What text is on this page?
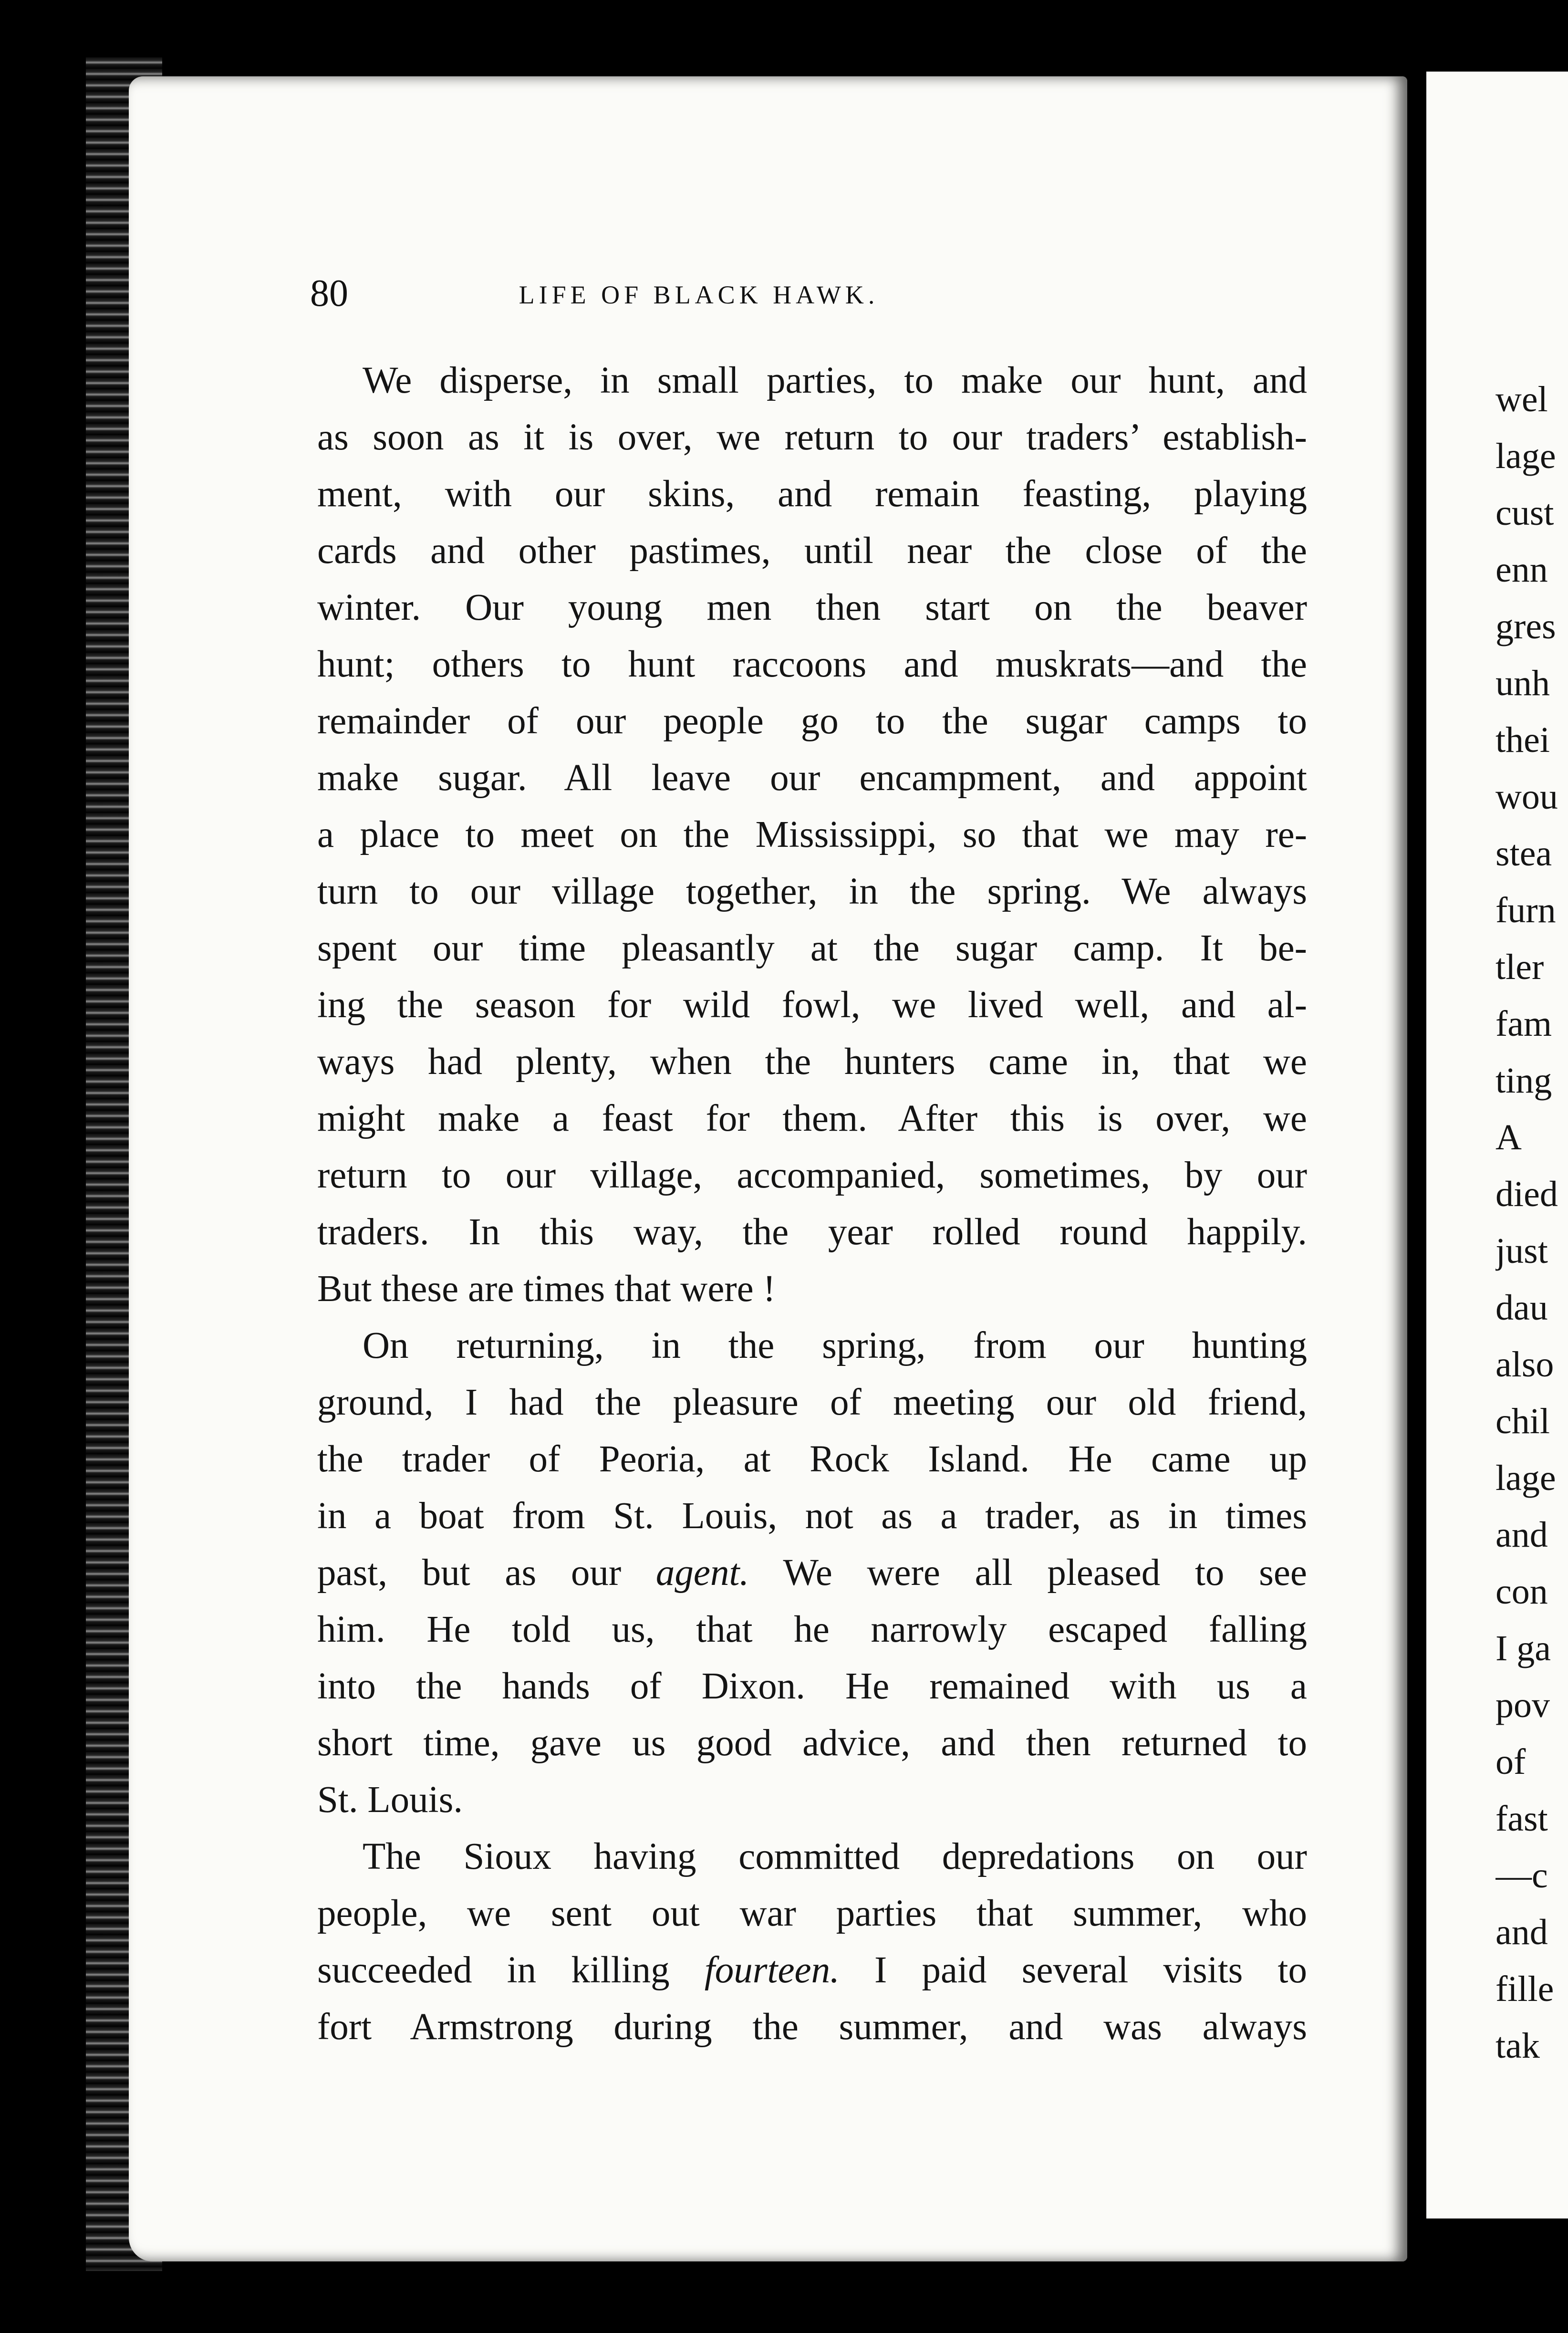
80	LIFE OF BLACK HAWK.
We disperse, in small parties, to make our hunt, and
as soon as it is over, we return to our traders’ establish-
ment, with our skins, and remain feasting, playing
cards and other pastimes, until near the close of the
winter. Our young men then start on the beaver
hunt; others to hunt raccoons and muskrats—and the
remainder of our people go to the sugar camps to
make sugar. All leave our encampment, and appoint
a place to meet on the Mississippi, so that we may re-
turn to our village together, in the spring. We always
spent our time pleasantly at the sugar camp. It be-
ing the season for wild fowl, we lived well, and al-
ways had plenty, when the hunters came in, that we
might make a feast for them. After this is over, we
return to our village, accompanied, sometimes, by our
traders. In this way, the year rolled round happily.
But these are times that were !
On returning, in the spring, from our hunting
ground, I had the pleasure of meeting our old friend,
the trader of Peoria, at Rock Island. He came up
in a boat from St. Louis, not as a trader, as in times
past, but as our agent. We were all pleased to see
him. He told us, that he narrowly escaped falling
into the hands of Dixon. He remained with us a
short time, gave us good advice, and then returned to
St. Louis.
The Sioux having committed depredations on our
people, we sent out war parties that summer, who
succeeded in killing fourteen. I paid several visits to
fort Armstrong during the summer, and was always
wel
lage
cust
enn
gres
unh
thei
wou
stea
furn
tler
fam
ting
A
died
just
dau
also
chil
lage
and
con
I ga
pov
of
fast
—c
and
fille
tak
